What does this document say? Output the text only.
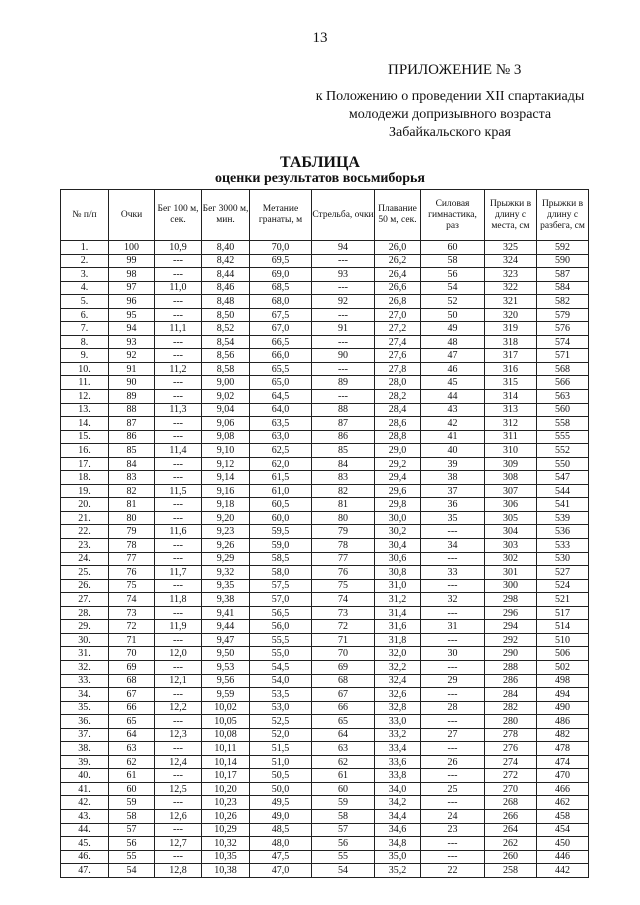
13
ПРИЛОЖЕНИЕ № 3
к Положению о проведении XII спартакиады
молодежи допризывного возраста
Забайкальского края
ТАБЛИЦА
оценки результатов восьмиборья
№ п/п	Очки	Бег 100 м, сек.	Бег 3000 м, мин.	Метание гранаты, м	Стрельба, очки	Плавание 50 м, сек.	Силовая гимнастика, раз	Прыжки в длину с места, см	Прыжки в длину с разбега, см
1.	100	10,9	8,40	70,0	94	26,0	60	325	592
2.	99	---	8,42	69,5	---	26,2	58	324	590
3.	98	---	8,44	69,0	93	26,4	56	323	587
4.	97	11,0	8,46	68,5	---	26,6	54	322	584
5.	96	---	8,48	68,0	92	26,8	52	321	582
6.	95	---	8,50	67,5	---	27,0	50	320	579
7.	94	11,1	8,52	67,0	91	27,2	49	319	576
8.	93	---	8,54	66,5	---	27,4	48	318	574
9.	92	---	8,56	66,0	90	27,6	47	317	571
10.	91	11,2	8,58	65,5	---	27,8	46	316	568
11.	90	---	9,00	65,0	89	28,0	45	315	566
12.	89	---	9,02	64,5	---	28,2	44	314	563
13.	88	11,3	9,04	64,0	88	28,4	43	313	560
14.	87	---	9,06	63,5	87	28,6	42	312	558
15.	86	---	9,08	63,0	86	28,8	41	311	555
16.	85	11,4	9,10	62,5	85	29,0	40	310	552
17.	84	---	9,12	62,0	84	29,2	39	309	550
18.	83	---	9,14	61,5	83	29,4	38	308	547
19.	82	11,5	9,16	61,0	82	29,6	37	307	544
20.	81	---	9,18	60,5	81	29,8	36	306	541
21.	80	---	9,20	60,0	80	30,0	35	305	539
22.	79	11,6	9,23	59,5	79	30,2	---	304	536
23.	78	---	9,26	59,0	78	30,4	34	303	533
24.	77	---	9,29	58,5	77	30,6	---	302	530
25.	76	11,7	9,32	58,0	76	30,8	33	301	527
26.	75	---	9,35	57,5	75	31,0	---	300	524
27.	74	11,8	9,38	57,0	74	31,2	32	298	521
28.	73	---	9,41	56,5	73	31,4	---	296	517
29.	72	11,9	9,44	56,0	72	31,6	31	294	514
30.	71	---	9,47	55,5	71	31,8	---	292	510
31.	70	12,0	9,50	55,0	70	32,0	30	290	506
32.	69	---	9,53	54,5	69	32,2	---	288	502
33.	68	12,1	9,56	54,0	68	32,4	29	286	498
34.	67	---	9,59	53,5	67	32,6	---	284	494
35.	66	12,2	10,02	53,0	66	32,8	28	282	490
36.	65	---	10,05	52,5	65	33,0	---	280	486
37.	64	12,3	10,08	52,0	64	33,2	27	278	482
38.	63	---	10,11	51,5	63	33,4	---	276	478
39.	62	12,4	10,14	51,0	62	33,6	26	274	474
40.	61	---	10,17	50,5	61	33,8	---	272	470
41.	60	12,5	10,20	50,0	60	34,0	25	270	466
42.	59	---	10,23	49,5	59	34,2	---	268	462
43.	58	12,6	10,26	49,0	58	34,4	24	266	458
44.	57	---	10,29	48,5	57	34,6	23	264	454
45.	56	12,7	10,32	48,0	56	34,8	---	262	450
46.	55	---	10,35	47,5	55	35,0	---	260	446
47.	54	12,8	10,38	47,0	54	35,2	22	258	442
